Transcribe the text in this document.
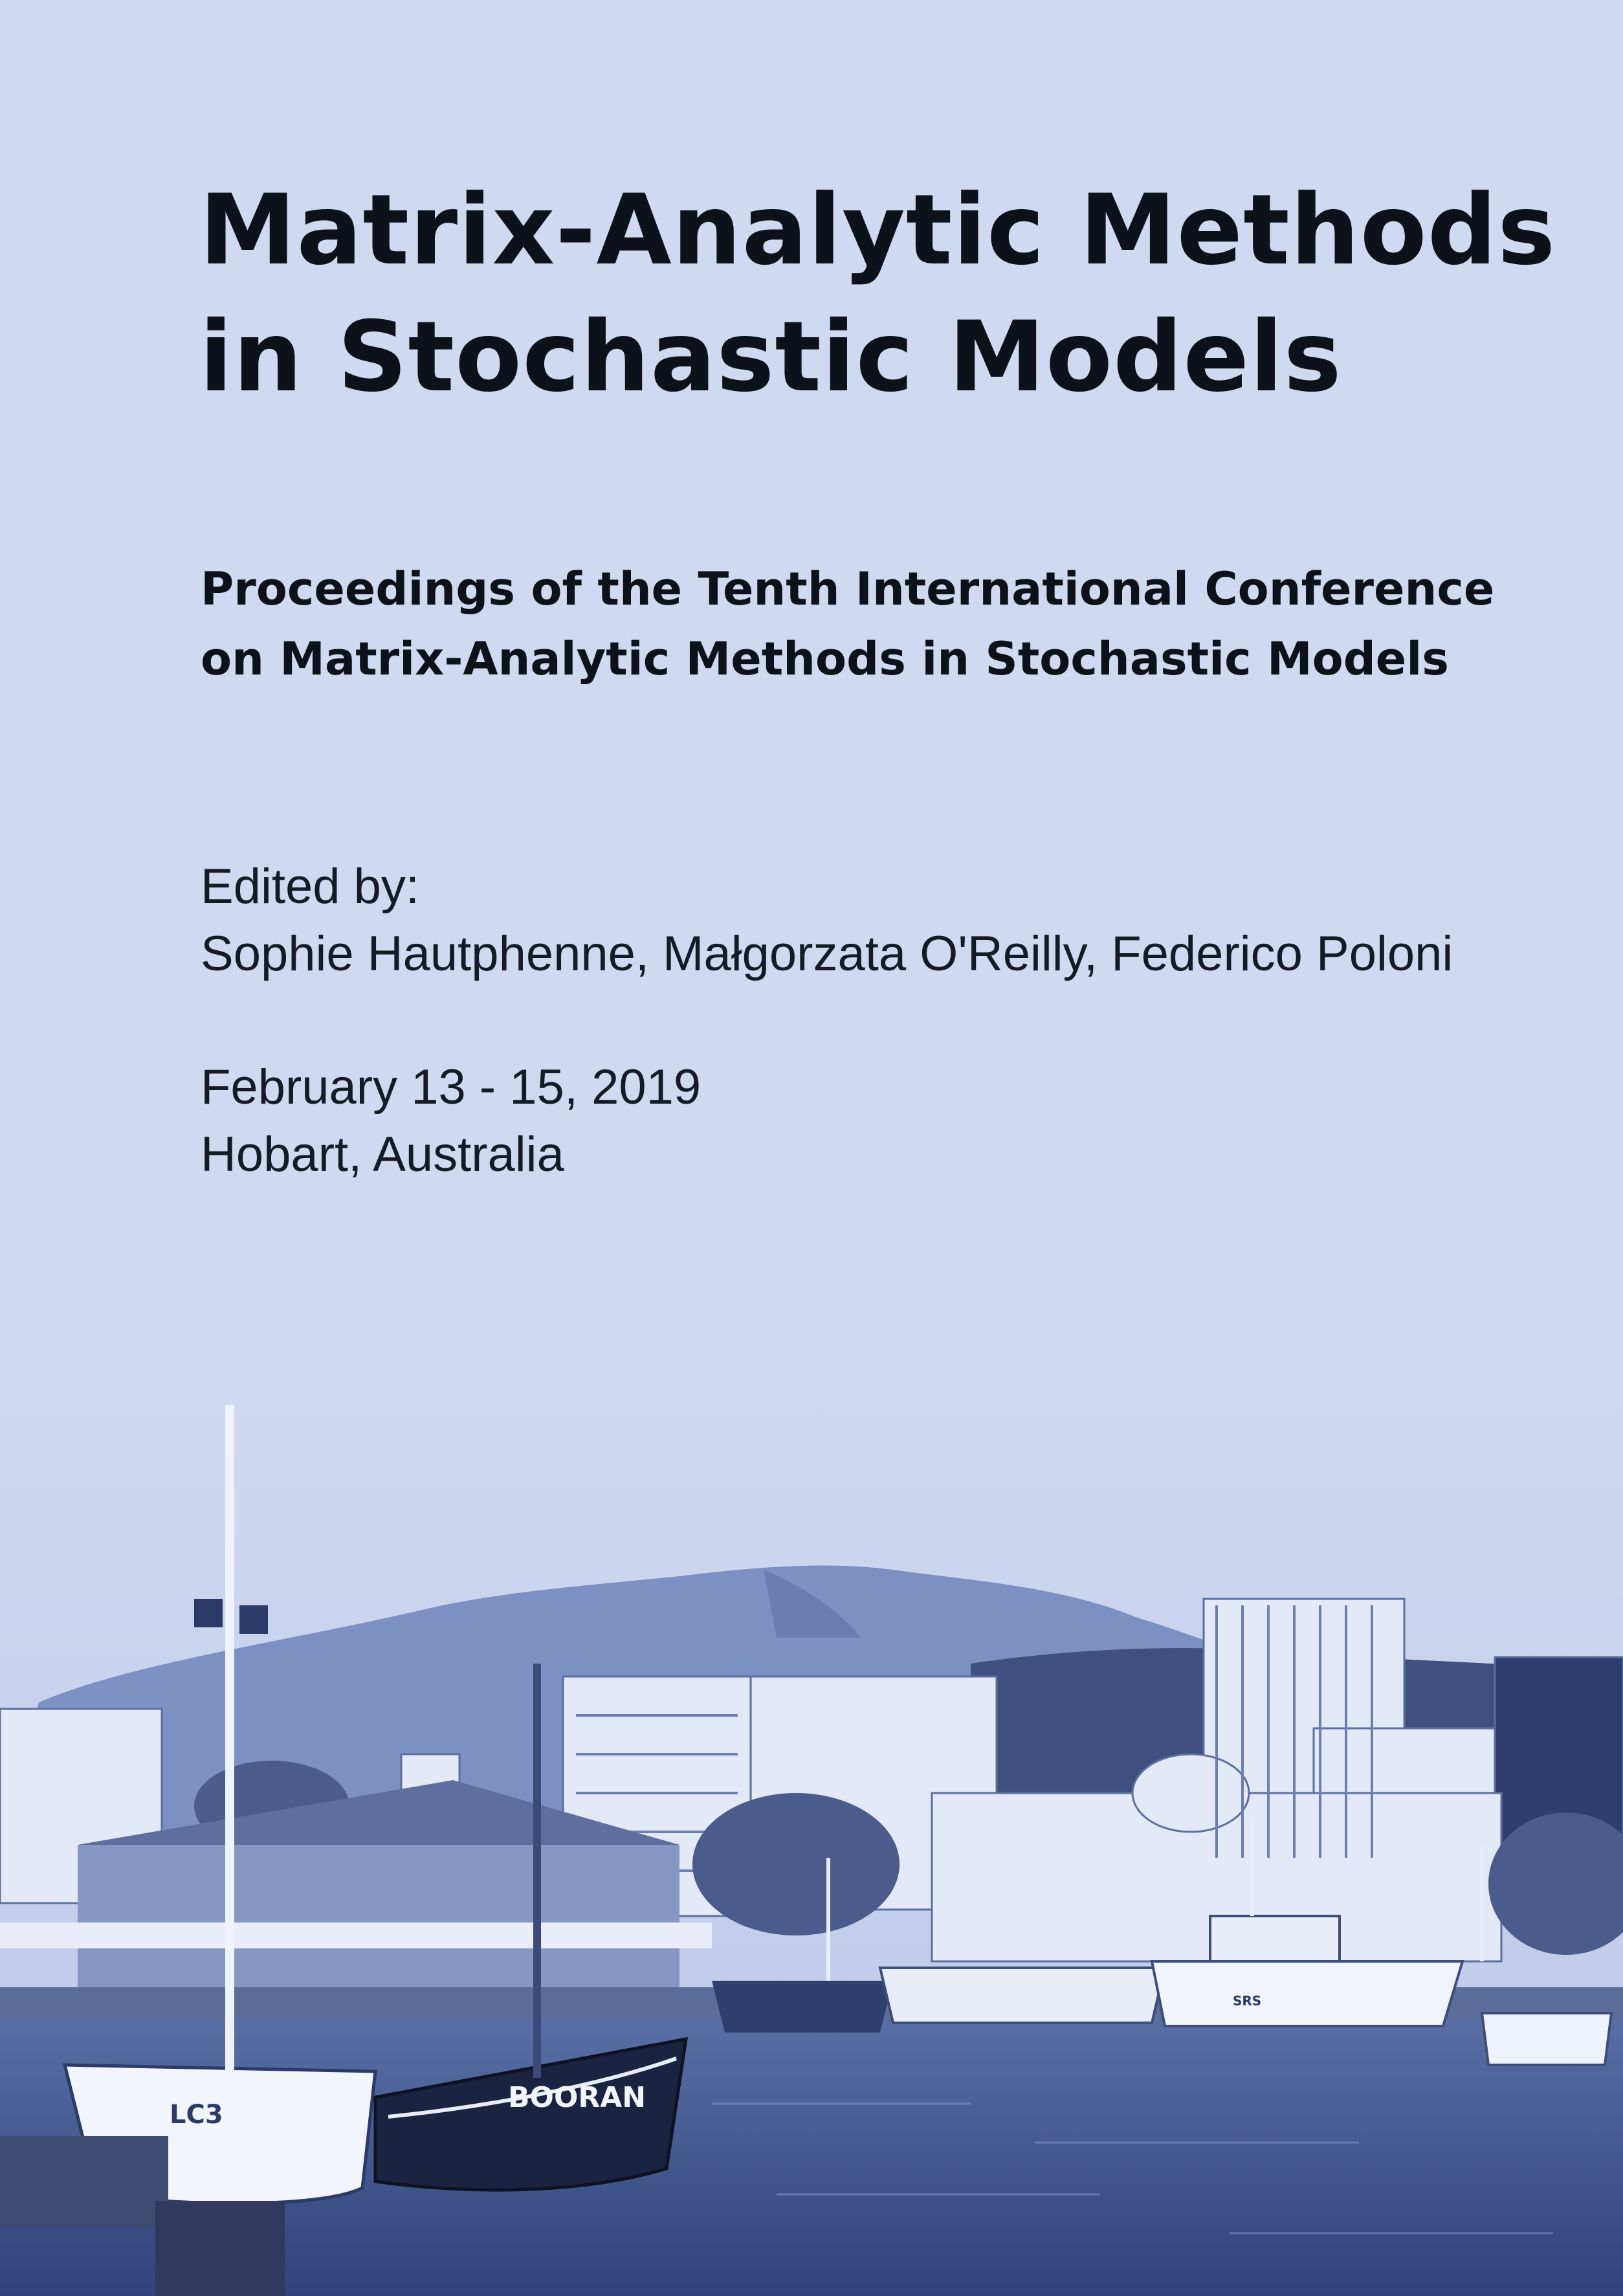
Matrix-Analytic Methods
in Stochastic Models
Proceedings of the Tenth International Conference
on Matrix-Analytic Methods in Stochastic Models
Edited by:
Sophie Hautphenne, Małgorzata O'Reilly, Federico Poloni
February 13 - 15, 2019
Hobart, Australia
BOORAN
LC3
SRS
